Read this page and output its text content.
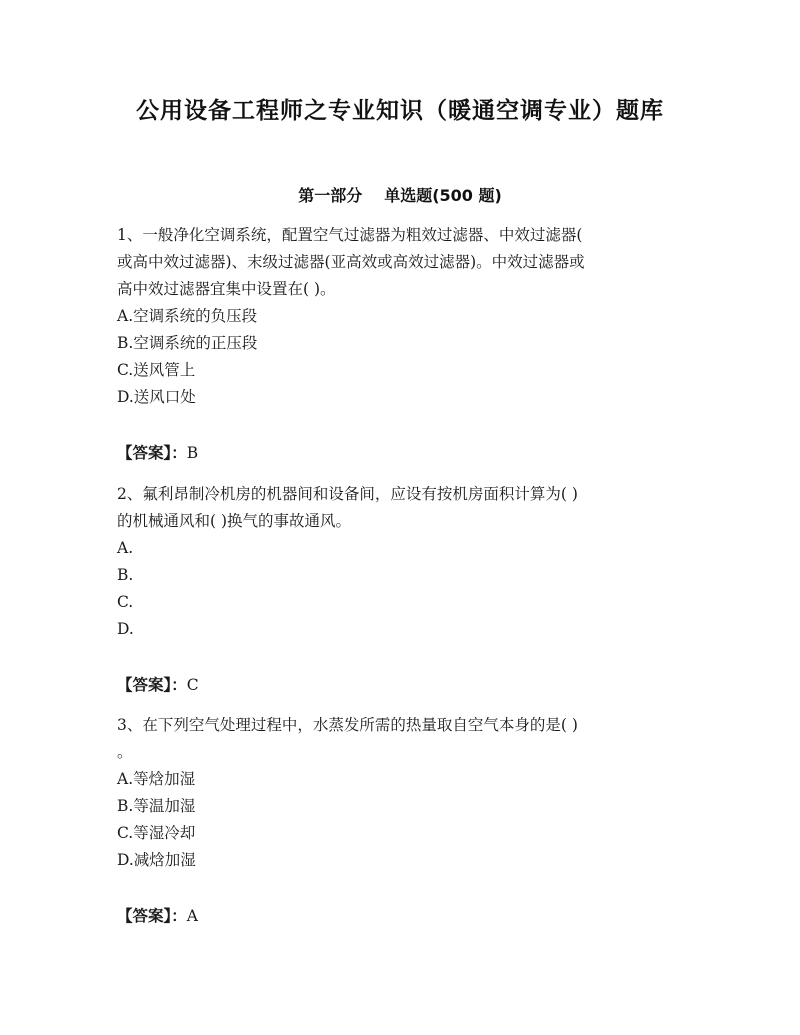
公用设备工程师之专业知识（暖通空调专业）题库
第一部分 单选题(500 题)
1、一般净化空调系统，配置空气过滤器为粗效过滤器、中效过滤器(
或高中效过滤器)、末级过滤器(亚高效或高效过滤器)。中效过滤器或
高中效过滤器宜集中设置在( )。
A.空调系统的负压段
B.空调系统的正压段
C.送风管上
D.送风口处
【答案】：B
2、氟利昂制冷机房的机器间和设备间，应设有按机房面积计算为( )
的机械通风和( )换气的事故通风。
A.
B.
C.
D.
【答案】：C
3、在下列空气处理过程中，水蒸发所需的热量取自空气本身的是( )
。
A.等焓加湿
B.等温加湿
C.等湿冷却
D.减焓加湿
【答案】：A
